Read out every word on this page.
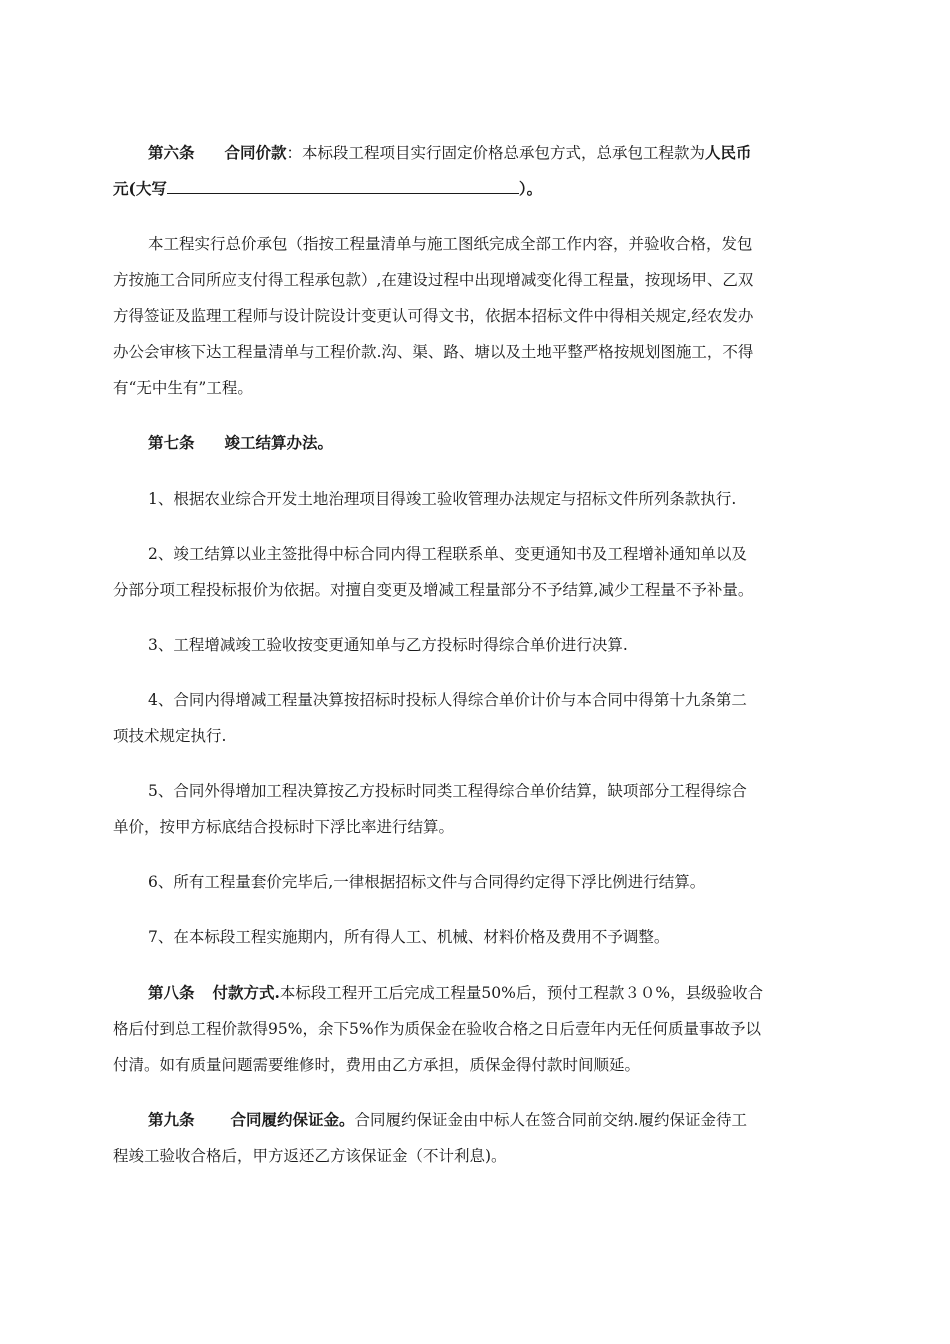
第六条 合同价款：本标段工程项目实行固定价格总承包方式，总承包工程款为人民币
元(大写	）。
本工程实行总价承包（指按工程量清单与施工图纸完成全部工作内容，并验收合格，发包
方按施工合同所应支付得工程承包款）,在建设过程中出现增减变化得工程量，按现场甲、乙双
方得签证及监理工程师与设计院设计变更认可得文书，依据本招标文件中得相关规定,经农发办
办公会审核下达工程量清单与工程价款.沟、渠、路、塘以及土地平整严格按规划图施工，不得
有“无中生有”工程。
第七条 竣工结算办法。
1、根据农业综合开发土地治理项目得竣工验收管理办法规定与招标文件所列条款执行.
2、竣工结算以业主签批得中标合同内得工程联系单、变更通知书及工程增补通知单以及
分部分项工程投标报价为依据。对擅自变更及增减工程量部分不予结算,减少工程量不予补量。
3、工程增减竣工验收按变更通知单与乙方投标时得综合单价进行决算.
4、合同内得增减工程量决算按招标时投标人得综合单价计价与本合同中得第十九条第二
项技术规定执行.
5、合同外得增加工程决算按乙方投标时同类工程得综合单价结算，缺项部分工程得综合
单价，按甲方标底结合投标时下浮比率进行结算。
6、所有工程量套价完毕后,一律根据招标文件与合同得约定得下浮比例进行结算。
7、在本标段工程实施期内，所有得人工、机械、材料价格及费用不予调整。
第八条 付款方式.本标段工程开工后完成工程量50%后，预付工程款３０%，县级验收合
格后付到总工程价款得95%，余下5%作为质保金在验收合格之日后壹年内无任何质量事故予以
付清。如有质量问题需要维修时，费用由乙方承担，质保金得付款时间顺延。
第九条 合同履约保证金。合同履约保证金由中标人在签合同前交纳.履约保证金待工
程竣工验收合格后，甲方返还乙方该保证金（不计利息)。
